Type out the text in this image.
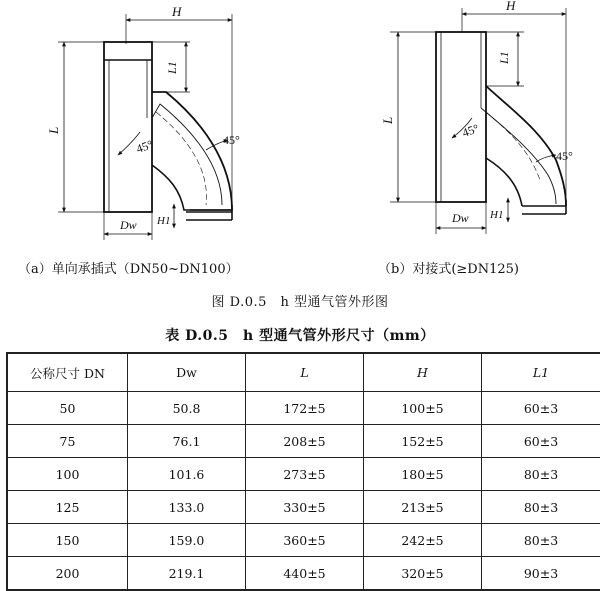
H
L1
L
45°	45°
Dw H1
H
L1
L
45°
45°
Dw H1
（a）单向承插式（DN50~DN100）	（b）对接式(≥DN125)
图 D.0.5　h 型通气管外形图
表 D.0.5　h 型通气管外形尺寸（mm）
公称尺寸 DN	Dw	L	H	L1
50	50.8	172±5	100±5	60±3
75	76.1	208±5	152±5	60±3
100	101.6	273±5	180±5	80±3
125	133.0	330±5	213±5	80±3
150	159.0	360±5	242±5	80±3
200	219.1	440±5	320±5	90±3
